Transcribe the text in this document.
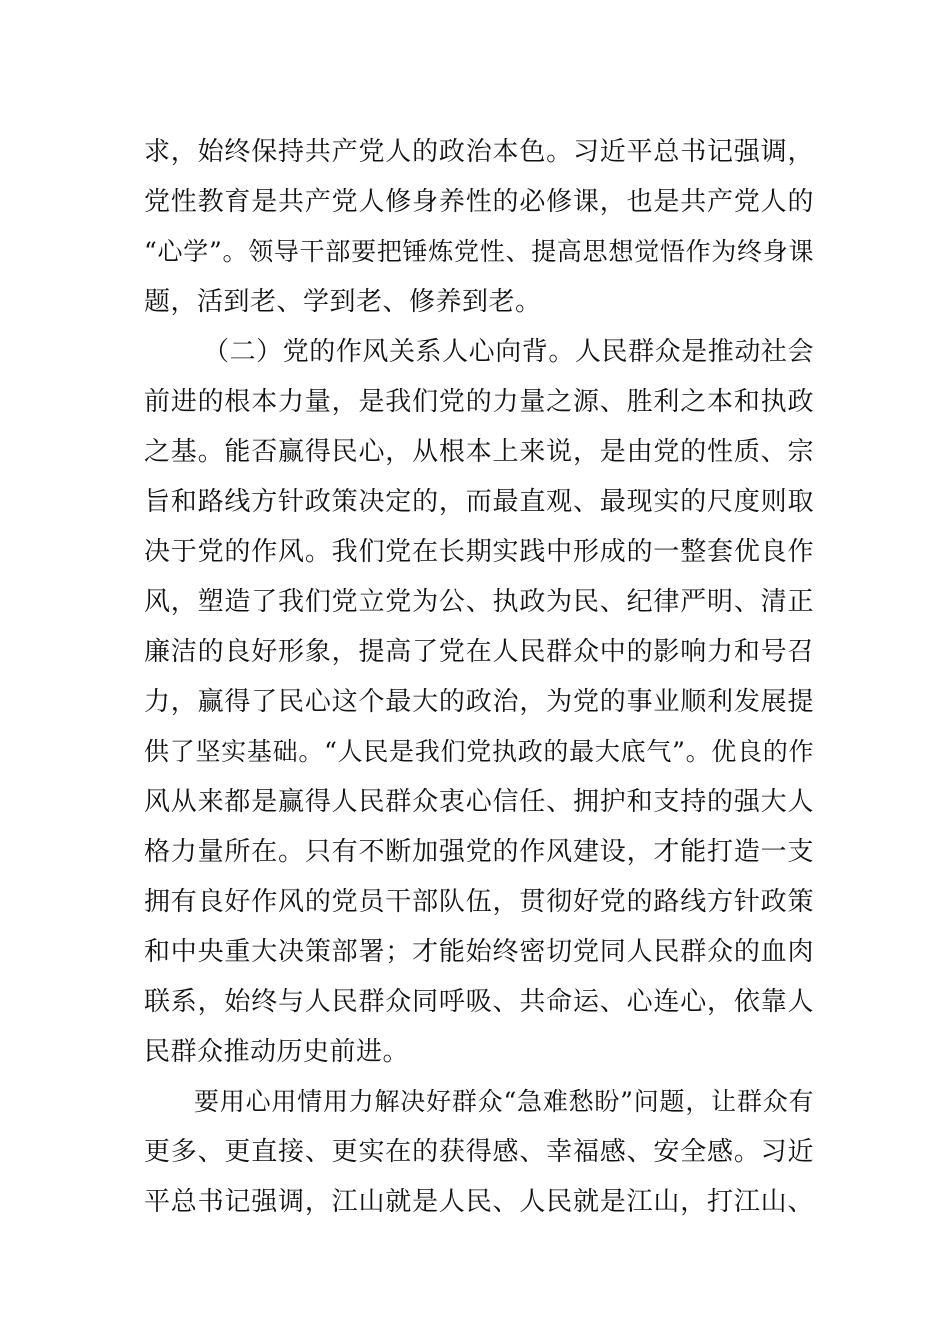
求，始终保持共产党人的政治本色。习近平总书记强调，
党性教育是共产党人修身养性的必修课，也是共产党人的
“心学”。领导干部要把锤炼党性、提高思想觉悟作为终身课
题，活到老、学到老、修养到老。
（二）党的作风关系人心向背。人民群众是推动社会
前进的根本力量，是我们党的力量之源、胜利之本和执政
之基。能否赢得民心，从根本上来说，是由党的性质、宗
旨和路线方针政策决定的，而最直观、最现实的尺度则取
决于党的作风。我们党在长期实践中形成的一整套优良作
风，塑造了我们党立党为公、执政为民、纪律严明、清正
廉洁的良好形象，提高了党在人民群众中的影响力和号召
力，赢得了民心这个最大的政治，为党的事业顺利发展提
供了坚实基础。“人民是我们党执政的最大底气”。优良的作
风从来都是赢得人民群众衷心信任、拥护和支持的强大人
格力量所在。只有不断加强党的作风建设，才能打造一支
拥有良好作风的党员干部队伍，贯彻好党的路线方针政策
和中央重大决策部署；才能始终密切党同人民群众的血肉
联系，始终与人民群众同呼吸、共命运、心连心，依靠人
民群众推动历史前进。
要用心用情用力解决好群众“急难愁盼”问题，让群众有
更多、更直接、更实在的获得感、幸福感、安全感。习近
平总书记强调，江山就是人民、人民就是江山，打江山、
